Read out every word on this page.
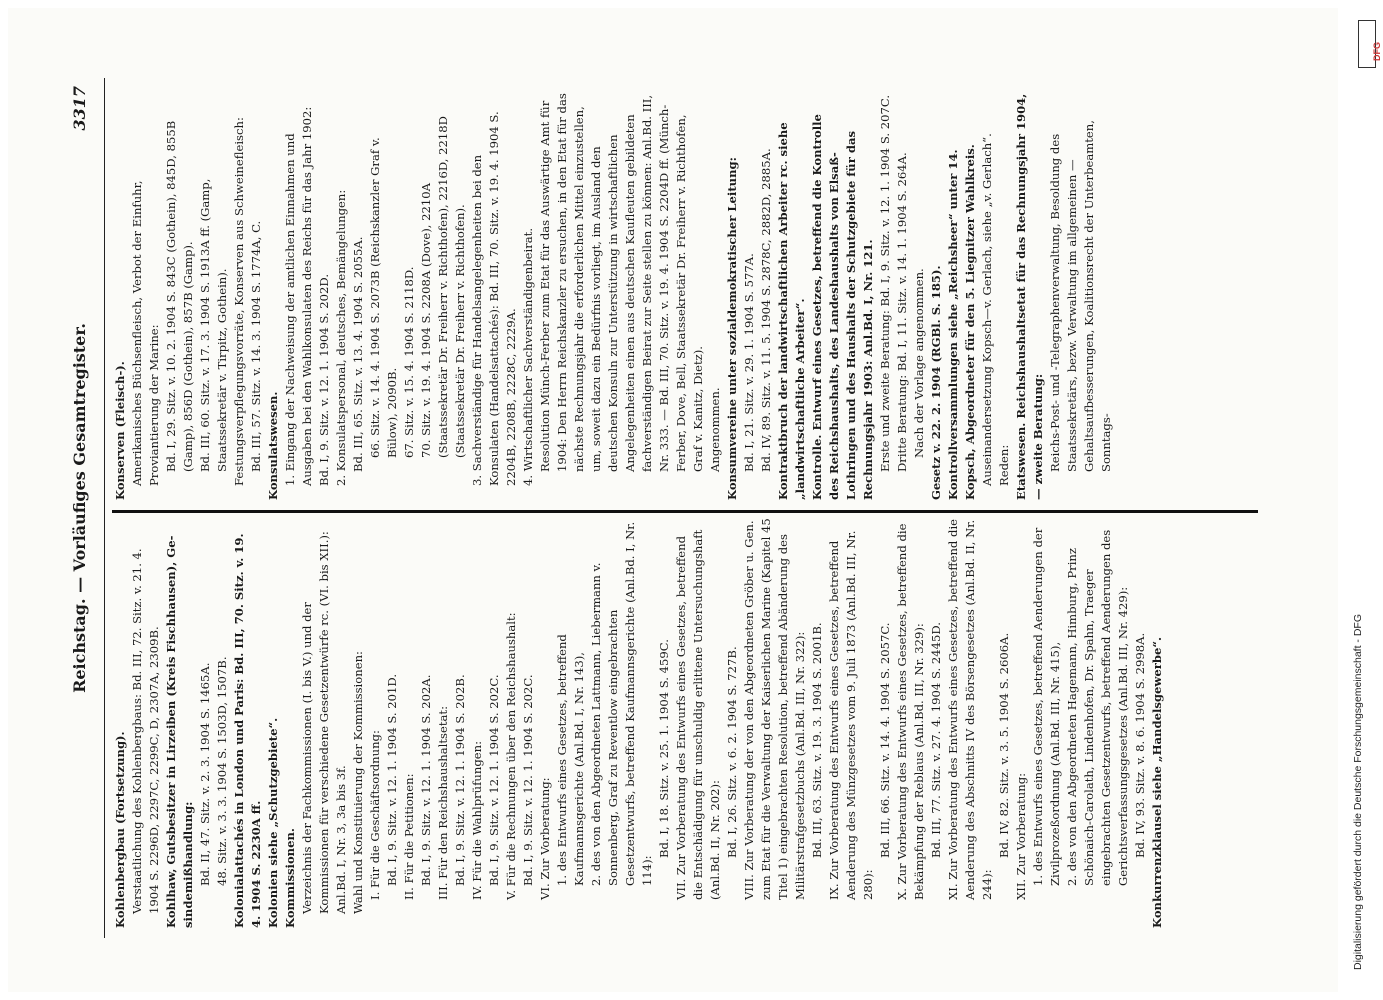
Reichstag. — Vorläufiges Gesamtregister.
3317

Kohlenbergbau (Fortsetzung). Verstaatlichung des Kohlenbergbaus: Bd. III, 72. Sitz. v. 21. 4. 1904 S. 2296D, 2297C, 2299C, D, 2307A, 2309B. Kohlhaw, Gutsbesitzer in Lirzeiben (Kreis Fischhausen), Ge-sindemißhandlung: Bd. II, 47. Sitz. v. 2. 3. 1904 S. 1465A. 48. Sitz. v. 3. 3. 1904 S. 1503D, 1507B. Kolonialattachés in London und Paris: Bd. III, 70. Sitz. v. 19. 4. 1904 S. 2230A ff. Kolonien siehe „Schutzgebiete“. Kommissionen. Verzeichnis der Fachkommissionen (I. bis V.) und der Kommissionen für verschiedene Gesetzentwürfe rc. (VI. bis XII.): Anl.Bd. I, Nr. 3, 3a bis 3f. Wahl und Konstituierung der Kommissionen: I. Für die Geschäftsordnung: Bd. I, 9. Sitz. v. 12. 1. 1904 S. 201D. II. Für die Petitionen: Bd. I, 9. Sitz. v. 12. 1. 1904 S. 202A. III. Für den Reichshaushaltsetat: Bd. I, 9. Sitz. v. 12. 1. 1904 S. 202B. IV. Für die Wahlprüfungen: Bd. I, 9. Sitz. v. 12. 1. 1904 S. 202C. V. Für die Rechnungen über den Reichshaushalt: Bd. I, 9. Sitz. v. 12. 1. 1904 S. 202C. VI. Zur Vorberatung: 1. des Entwurfs eines Gesetzes, betreffend Kaufmannsgerichte (Anl.Bd. I, Nr. 143), 2. des von den Abgeordneten Lattmann, Liebermann v. Sonnenberg, Graf zu Reventlow eingebrachten Gesetzentwurfs, betreffend Kaufmannsgerichte (Anl.Bd. I, Nr. 114):

Bd. I, 18. Sitz. v. 25. 1. 1904 S. 459C. VII. Zur Vorberatung des Entwurfs eines Gesetzes, betreffend die Entschädigung für unschuldig erlittene Untersuchungshaft (Anl.Bd. II, Nr. 202): Bd. I, 26. Sitz. v. 6. 2. 1904 S. 727B. VIII. Zur Vorberatung der von den Abgeordneten Gröber u. Gen. zum Etat für die Verwaltung der Kaiserlichen Marine (Kapitel 45 Titel 1) eingebrachten Resolution, betreffend Abänderung des Militärstrafgesetzbuchs (Anl.Bd. III, Nr. 322): Bd. III, 63. Sitz. v. 19. 3. 1904 S. 2001B. IX. Zur Vorberatung des Entwurfs eines Gesetzes, betreffend Aenderung des Münzgesetzes vom 9. Juli 1873 (Anl.Bd. III, Nr. 280):

Bd. III, 66. Sitz. v. 14. 4. 1904 S. 2057C. X. Zur Vorberatung des Entwurfs eines Gesetzes, betreffend die Bekämpfung der Reblaus (Anl.Bd. III, Nr. 329): Bd. III, 77. Sitz. v. 27. 4. 1904 S. 2445D. XI. Zur Vorberatung des Entwurfs eines Gesetzes, betreffend die Aenderung des Abschnitts IV des Börsengesetzes (Anl.Bd. II, Nr. 244):

Bd. IV, 82. Sitz. v. 3. 5. 1904 S. 2606A. XII. Zur Vorberatung: 1. des Entwurfs eines Gesetzes, betreffend Aenderungen der Zivilprozeßordnung (Anl.Bd. III, Nr. 415), 2. des von den Abgeordneten Hagemann, Himburg, Prinz Schönaich-Carolath, Lindenhofen, Dr. Spahn, Traeger eingebrachten Gesetzentwurfs, betreffend Aenderungen des Gerichtsverfassungsgesetzes (Anl.Bd. III, Nr. 429): Bd. IV, 93. Sitz. v. 8. 6. 1904 S. 2998A. Konkurrenzklausel siehe „Handelsgewerbe“.

Konserven (Fleisch-). Amerikanisches Büchsenfleisch, Verbot der Einfuhr, Proviantierung der Marine: Bd. I, 29. Sitz. v. 10. 2. 1904 S. 843C (Gothein), 845D, 855B (Gamp), 856D (Gothein), 857B (Gamp). Bd. III, 60. Sitz. v. 17. 3. 1904 S. 1913A ff. (Gamp, Staatssekretär v. Tirpitz, Gothein). Festungsverpflegungsvorräte, Konserven aus Schweinefleisch: Bd. III, 57. Sitz. v. 14. 3. 1904 S. 1774A, C. Konsulatswesen. 1. Eingang der Nachweisung der amtlichen Einnahmen und Ausgaben bei den Wahlkonsulaten des Reichs für das Jahr 1902: Bd. I, 9. Sitz. v. 12. 1. 1904 S. 202D. 2. Konsulatspersonal, deutsches, Bemängelungen: Bd. III, 65. Sitz. v. 13. 4. 1904 S. 2055A. 66. Sitz. v. 14. 4. 1904 S. 2073B (Reichskanzler Graf v. Bülow), 2090B. 67. Sitz. v. 15. 4. 1904 S. 2118D. 70. Sitz. v. 19. 4. 1904 S. 2208A (Dove), 2210A (Staatssekretär Dr. Freiherr v. Richthofen), 2216D, 2218D (Staatssekretär Dr. Freiherr v. Richthofen). 3. Sachverständige für Handelsangelegenheiten bei den Konsulaten (Handelsattachés): Bd. III, 70. Sitz. v. 19. 4. 1904 S. 2204B, 2208B, 2228C, 2229A. 4. Wirtschaftlicher Sachverständigenbeirat. Resolution Münch-Ferber zum Etat für das Auswärtige Amt für 1904: Den Herrn Reichskanzler zu ersuchen, in den Etat für das nächste Rechnungsjahr die erforderlichen Mittel einzustellen, um, soweit dazu ein Bedürfnis vorliegt, im Ausland den deutschen Konsuln zur Unterstützung in wirtschaftlichen Angelegenheiten einen aus deutschen Kaufleuten gebildeten fachverständigen Beirat zur Seite stellen zu können: Anl.Bd. III, Nr. 333. — Bd. III, 70. Sitz. v. 19. 4. 1904 S. 2204D ff. (Münch-Ferber, Dove, Bell, Staatssekretär Dr. Freiherr v. Richthofen, Graf v. Kanitz, Dietz). Angenommen. Konsumvereine unter sozialdemokratischer Leitung: Bd. I, 21. Sitz. v. 29. 1. 1904 S. 577A. Bd. IV, 89. Sitz. v. 11. 5. 1904 S. 2878C, 2882D, 2885A. Kontraktbruch der landwirtschaftlichen Arbeiter rc. siehe „landwirtschaftliche Arbeiter“. Kontrolle. Entwurf eines Gesetzes, betreffend die Kontrolle des Reichshaushalts, des Landeshaushalts von Elsaß-Lothringen und des Haushalts der Schutzgebiete für das Rechnungsjahr 1903: Anl.Bd. I, Nr. 121. Erste und zweite Beratung: Bd. I, 9. Sitz. v. 12. 1. 1904 S. 207C. Dritte Beratung: Bd. I, 11. Sitz. v. 14. 1. 1904 S. 264A. Nach der Vorlage angenommen. Gesetz v. 22. 2. 1904 (RGBl. S. 185). Kontrollversammlungen siehe „Reichsheer“ unter 14. Kopsch, Abgeordneter für den 5. Liegnitzer Wahlkreis. Auseinandersetzung Kopsch—v. Gerlach, siehe „v. Gerlach“. Reden: Etatswesen. Reichshaushaltsetat für das Rechnungsjahr 1904, — zweite Beratung: Reichs-Post- und -Telegraphenverwaltung, Besoldung des Staatssekretärs, bezw. Verwaltung im allgemeinen — Gehaltsaufbesserungen, Koalitionsrecht der Unterbeamten, Sonntags-

DFG
Digitalisierung gefördert durch die Deutsche Forschungsgemeinschaft - DFG
